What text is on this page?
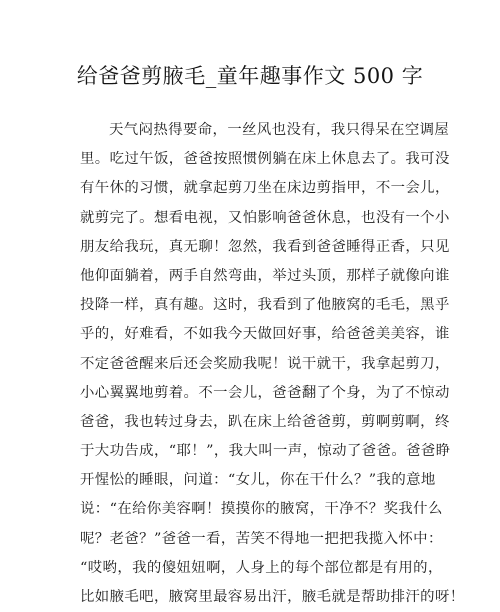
给爸爸剪腋毛_童年趣事作文 500 字
天气闷热得要命，一丝风也没有，我只得呆在空调屋
里。吃过午饭，爸爸按照惯例躺在床上休息去了。我可没
有午休的习惯，就拿起剪刀坐在床边剪指甲，不一会儿，
就剪完了。想看电视，又怕影响爸爸休息，也没有一个小
朋友给我玩，真无聊！忽然，我看到爸爸睡得正香，只见
他仰面躺着，两手自然弯曲，举过头顶，那样子就像向谁
投降一样，真有趣。这时，我看到了他腋窝的毛毛，黑乎
乎的，好难看，不如我今天做回好事，给爸爸美美容，谁
不定爸爸醒来后还会奖励我呢！说干就干，我拿起剪刀，
小心翼翼地剪着。不一会儿，爸爸翻了个身，为了不惊动
爸爸，我也转过身去，趴在床上给爸爸剪，剪啊剪啊，终
于大功告成，“耶！”，我大叫一声，惊动了爸爸。爸爸睁
开惺忪的睡眼，问道：“女儿，你在干什么？”我的意地
说：“在给你美容啊！摸摸你的腋窝，干净不？奖我什么
呢？老爸？”爸爸一看，苦笑不得地一把把我揽入怀中：
“哎哟，我的傻妞妞啊，人身上的每个部位都是有用的，
比如腋毛吧，腋窝里最容易出汗，腋毛就是帮助排汗的呀！
